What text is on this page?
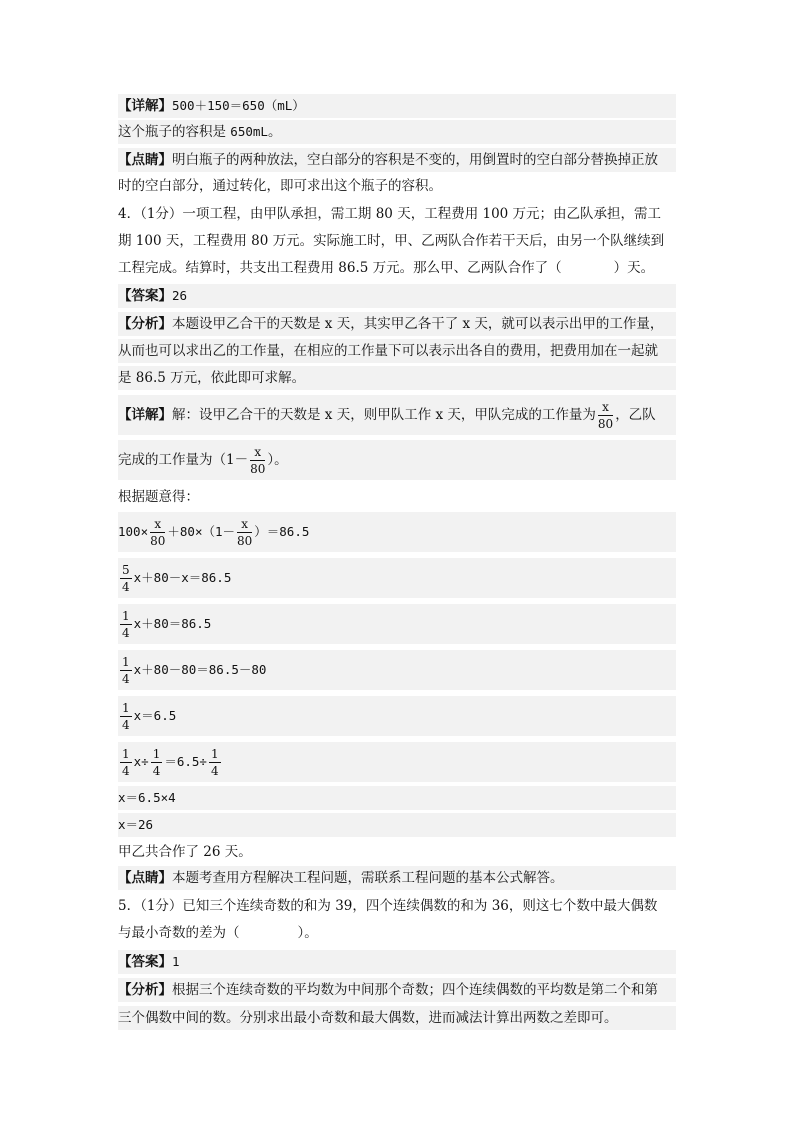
【详解】500＋150＝650（mL）
这个瓶子的容积是 650mL。
【点睛】明白瓶子的两种放法，空白部分的容积是不变的，用倒置时的空白部分替换掉正放
时的空白部分，通过转化，即可求出这个瓶子的容积。
4．（1分）一项工程，由甲队承担，需工期 80 天，工程费用 100 万元；由乙队承担，需工
期 100 天，工程费用 80 万元。实际施工时，甲、乙两队合作若干天后，由另一个队继续到
工程完成。结算时，共支出工程费用 86.5 万元。那么甲、乙两队合作了（	）天。
【答案】26
【分析】本题设甲乙合干的天数是 x 天，其实甲乙各干了 x 天，就可以表示出甲的工作量，
从而也可以求出乙的工作量，在相应的工作量下可以表示出各自的费用，把费用加在一起就
是 86.5 万元，依此即可求解。
【详解】解：设甲乙合干的天数是 x 天，则甲队工作 x 天，甲队完成的工作量为 $\frac{x}{80}$ ，乙队
完成的工作量为（$1- \frac{x}{80}$ ）。
根据题意得：
$100\times \frac{x}{80} +80\times(1- \frac{x}{80} )=86.5$
$\frac{5}{4} x+80-x=86.5$
$\frac{1}{4} x+80=86.5$
$\frac{1}{4} x+80-80=86.5-80$
$\frac{1}{4} x=6.5$
$\frac{1}{4} x\div \frac{1}{4} =6.5\div \frac{1}{4}$
x＝6.5×4
x＝26
甲乙共合作了 26 天。
【点睛】本题考查用方程解决工程问题，需联系工程问题的基本公式解答。
5．（1分）已知三个连续奇数的和为 39，四个连续偶数的和为 36，则这七个数中最大偶数
与最小奇数的差为（	）。
【答案】1
【分析】根据三个连续奇数的平均数为中间那个奇数；四个连续偶数的平均数是第二个和第
三个偶数中间的数。分别求出最小奇数和最大偶数，进而减法计算出两数之差即可。
